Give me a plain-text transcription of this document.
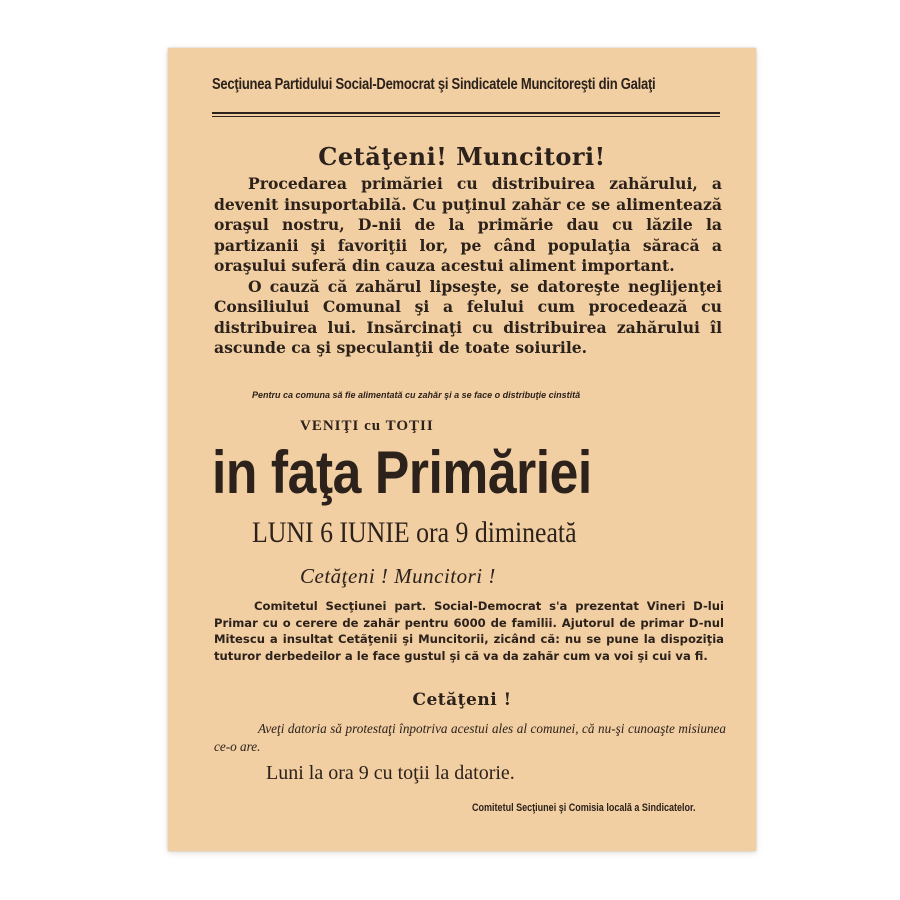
Secţiunea Partidului Social-Democrat şi Sindicatele Muncitoreşti din Galaţi
Cetăţeni! Muncitori!

Procedarea primăriei cu distribuirea zahărului, a devenit insuportabilă. Cu puţinul zahăr ce se alimentează oraşul nostru, D-nii de la primărie dau cu lăzile la partizanii şi favoriţii lor, pe când populaţia săracă a oraşului suferă din cauza acestui aliment important.

O cauză că zahărul lipseşte, se datoreşte neglijenţei Consiliului Comunal şi a felului cum procedează cu distribuirea lui. Insărcinaţi cu distribuirea zahărului îl ascunde ca şi speculanţii de toate soiurile.

Pentru ca comuna să fie alimentată cu zahăr şi a se face o distribuţie cinstită

VENIŢI cu TOŢII
in faţa Primăriei
LUNI 6 IUNIE ora 9 dimineată
Cetăţeni ! Muncitori !

Comitetul Secţiunei part. Social-Democrat s'a prezentat Vineri D-lui Primar cu o cerere de zahăr pentru 6000 de familii. Ajutorul de primar D-nul Mitescu a insultat Cetăţenii şi Muncitorii, zicând că: nu se pune la dispoziţia tuturor derbedeilor a le face gustul şi că va da zahăr cum va voi şi cui va fi.

Cetăţeni !

Aveţi datoria să protestaţi înpotriva acestui ales al comunei, că nu-şi cunoaşte misiunea ce-o are.

Luni la ora 9 cu toţii la datorie.
Comitetul Secţiunei şi Comisia locală a Sindicatelor.
